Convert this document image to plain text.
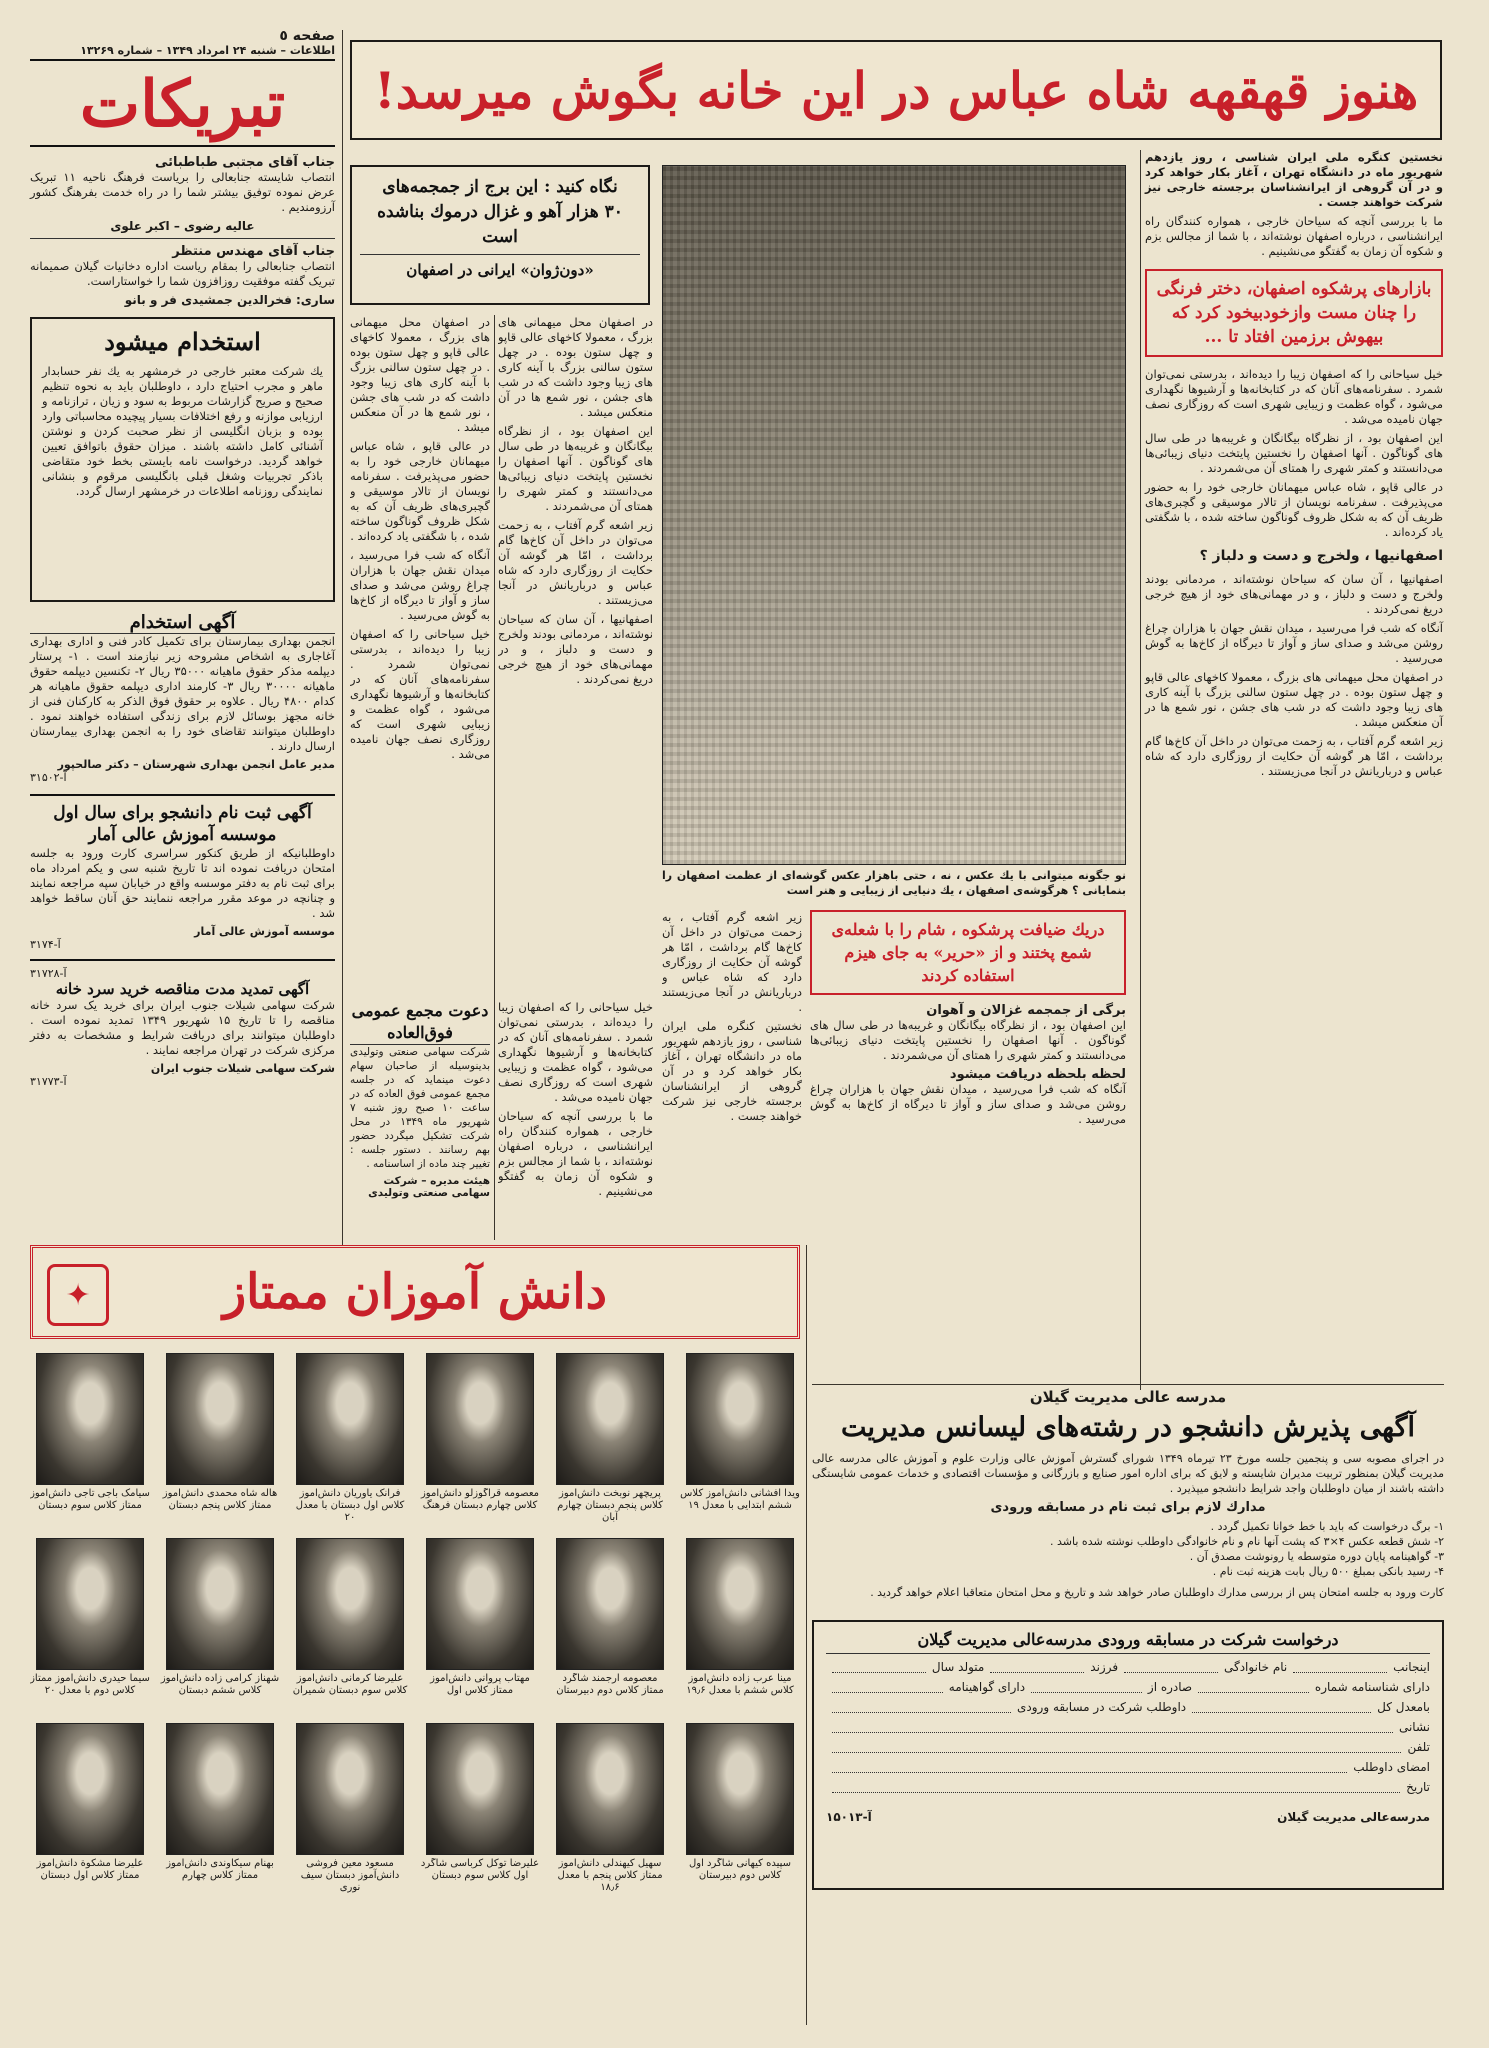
صفحه ٥
اطلاعات – شنبه ۲۴ امرداد ۱۳۴۹ – شماره ۱۳۲۶۹
تبریکات
جناب آقای مجتبی طباطبائی

انتصاب شایسته جنابعالی را بریاست فرهنگ ناحیه ۱۱ تبریک عرض نموده توفیق بیشتر شما را در راه خدمت بفرهنگ کشور آرزومندیم .

عالیه رضوی – اکبر علوی
جناب آقای مهندس منتظر

انتصاب جنابعالی را بمقام ریاست اداره دخانیات گیلان صمیمانه تبریک گفته موفقیت روزافزون شما را خواستاراست.

ساری: فخرالدین جمشیدی فر و بانو
استخدام میشود

یك شرکت معتبر خارجی در خرمشهر به یك نفر حسابدار ماهر و مجرب احتیاج دارد ، داوطلبان باید به نحوه تنظیم صحیح و صریح گزارشات مربوط به سود و زیان ، ترازنامه و ارزیابی موازنه و رفع اختلافات بسیار پیچیده محاسباتی وارد بوده و بزبان انگلیسی از نظر صحبت کردن و نوشتن آشنائی کامل داشته باشند . میزان حقوق باتوافق تعیین خواهد گردید. درخواست نامه بایستی بخط خود متقاضی باذکر تجربیات وشغل قبلی بانگلیسی مرقوم و بنشانی نمایندگی روزنامه اطلاعات در خرمشهر ارسال گردد.

آگهی استخدام

انجمن بهداری بیمارستان برای تکمیل کادر فنی و اداری بهداری آغاجاری به اشخاص مشروحه زیر نیازمند است . ۱- پرستار دیپلمه مذکر حقوق ماهیانه ۳۵۰۰۰ ریال ۲- تکنسین دیپلمه حقوق ماهیانه ۳۰۰۰۰ ریال ۳- کارمند اداری دیپلمه حقوق ماهیانه هر کدام ۴۸۰۰ ریال . علاوه بر حقوق فوق الذکر به کارکنان فنی از خانه مجهز بوسائل لازم برای زندگی استفاده خواهند نمود . داوطلبان میتوانند تقاضای خود را به انجمن بهداری بیمارستان ارسال دارند .

مدیر عامل انجمن بهداری شهرستان – دکتر صالحپور
آ-۳۱۵۰۲
آگهی ثبت نام دانشجو برای سال اول موسسه آموزش عالی آمار

داوطلبانیکه از طریق کنکور سراسری کارت ورود به جلسه امتحان دریافت نموده اند تا تاریخ شنبه سی و یکم امرداد ماه برای ثبت نام به دفتر موسسه واقع در خیابان سپه مراجعه نمایند و چنانچه در موعد مقرر مراجعه ننمایند حق آنان ساقط خواهد شد .

موسسه آموزش عالی آمار
آ-۳۱۷۴
آ-۳۱۷۲۸
آگهی تمدید مدت مناقصه خرید سرد خانه

شرکت سهامی شیلات جنوب ایران برای خرید یک سرد خانه مناقصه را تا تاریخ ۱۵ شهریور ۱۳۴۹ تمدید نموده است . داوطلبان میتوانند برای دریافت شرایط و مشخصات به دفتر مرکزی شرکت در تهران مراجعه نمایند .

شرکت سهامی شیلات جنوب ایران
آ-۳۱۷۷۳
هنوز قهقهه شاه عباس در این خانه بگوش میرسد!

نخستین کنگره ملی ایران شناسی ، روز یازدهم شهریور ماه در دانشگاه تهران ، آغاز بکار خواهد کرد و در آن گروهی از ایرانشناسان برجسته خارجی نیز شرکت خواهند جست .

ما با بررسی آنچه که سیاحان خارجی ، همواره کنندگان راه ایرانشناسی ، درباره اصفهان نوشته‌اند ، با شما از مجالس بزم و شکوه آن زمان به گفتگو می‌نشینیم .

بازارهای پرشکوه اصفهان، دختر فرنگی را چنان مست وازخودبیخود کرد که بیهوش برزمین افتاد تا ...

خیل سیاحانی را که اصفهان زیبا را دیده‌اند ، بدرستی نمی‌توان شمرد . سفرنامه‌های آنان که در کتابخانه‌ها و آرشیوها نگهداری می‌شود ، گواه عظمت و زیبایی شهری است که روزگاری نصف جهان نامیده می‌شد .

این اصفهان بود ، از نظرگاه بیگانگان و غریبه‌ها در طی سال های گوناگون . آنها اصفهان را نخستین پایتخت دنیای زیبائی‌ها می‌دانستند و کمتر شهری را همتای آن می‌شمردند .

در عالی قاپو ، شاه عباس میهمانان خارجی خود را به حضور می‌پذیرفت . سفرنامه نویسان از تالار موسیقی و گچبری‌های ظریف آن که به شکل ظروف گوناگون ساخته شده ، با شگفتی یاد کرده‌اند .

اصفهانیها ، ولخرج و دست و دلباز ؟

اصفهانیها ، آن سان که سیاحان نوشته‌اند ، مردمانی بودند ولخرج و دست و دلباز ، و در مهمانی‌های خود از هیچ خرجی دریغ نمی‌کردند .

آنگاه که شب فرا می‌رسید ، میدان نقش جهان با هزاران چراغ روشن می‌شد و صدای ساز و آواز تا دیرگاه از کاخ‌ها به گوش می‌رسید .

در اصفهان محل میهمانی های بزرگ ، معمولا کاخهای عالی قاپو و چهل ستون بوده . در چهل ستون سالنی بزرگ با آینه کاری های زیبا وجود داشت که در شب های جشن ، نور شمع ها در آن منعکس میشد .

زیر اشعه گرم آفتاب ، به زحمت می‌توان در داخل آن کاخ‌ها گام برداشت ، امّا هر گوشه آن حکایت از روزگاری دارد که شاه عباس و درباریانش در آنجا می‌زیستند .

نو جگونه میتوانی با یك عکس ، نه ، حتی باهزار عکس گوشه‌ای از عظمت اصفهان را بنمایانی ؟ هرگوشه‌ی اصفهان ، یك دنیایی از زیبایی و هنر است
نگاه کنید : این برج از جمجمه‌های
۳۰ هزار آهو و غزال درموك بناشده است
«دون‌ژوان» ایرانی در اصفهان

در اصفهان محل میهمانی های بزرگ ، معمولا کاخهای عالی قاپو و چهل ستون بوده . در چهل ستون سالنی بزرگ با آینه کاری های زیبا وجود داشت که در شب های جشن ، نور شمع ها در آن منعکس میشد .

در عالی قاپو ، شاه عباس میهمانان خارجی خود را به حضور می‌پذیرفت . سفرنامه نویسان از تالار موسیقی و گچبری‌های ظریف آن که به شکل ظروف گوناگون ساخته شده ، با شگفتی یاد کرده‌اند .

آنگاه که شب فرا می‌رسید ، میدان نقش جهان با هزاران چراغ روشن می‌شد و صدای ساز و آواز تا دیرگاه از کاخ‌ها به گوش می‌رسید .

خیل سیاحانی را که اصفهان زیبا را دیده‌اند ، بدرستی نمی‌توان شمرد . سفرنامه‌های آنان که در کتابخانه‌ها و آرشیوها نگهداری می‌شود ، گواه عظمت و زیبایی شهری است که روزگاری نصف جهان نامیده می‌شد .

در اصفهان محل میهمانی های بزرگ ، معمولا کاخهای عالی قاپو و چهل ستون بوده . در چهل ستون سالنی بزرگ با آینه کاری های زیبا وجود داشت که در شب های جشن ، نور شمع ها در آن منعکس میشد .

این اصفهان بود ، از نظرگاه بیگانگان و غریبه‌ها در طی سال های گوناگون . آنها اصفهان را نخستین پایتخت دنیای زیبائی‌ها می‌دانستند و کمتر شهری را همتای آن می‌شمردند .

زیر اشعه گرم آفتاب ، به زحمت می‌توان در داخل آن کاخ‌ها گام برداشت ، امّا هر گوشه آن حکایت از روزگاری دارد که شاه عباس و درباریانش در آنجا می‌زیستند .

اصفهانیها ، آن سان که سیاحان نوشته‌اند ، مردمانی بودند ولخرج و دست و دلباز ، و در مهمانی‌های خود از هیچ خرجی دریغ نمی‌کردند .

دعوت مجمع عمومی فوق‌العاده

شرکت سهامی صنعتی وتولیدی بدینوسیله از صاحبان سهام دعوت مینماید که در جلسه مجمع عمومی فوق العاده که در ساعت ۱۰ صبح روز شنبه ۷ شهریور ماه ۱۳۴۹ در محل شرکت تشکیل میگردد حضور بهم رسانند . دستور جلسه : تغییر چند ماده از اساسنامه .

هیئت مدیره – شرکت سهامی صنعتی وتولیدی

خیل سیاحانی را که اصفهان زیبا را دیده‌اند ، بدرستی نمی‌توان شمرد . سفرنامه‌های آنان که در کتابخانه‌ها و آرشیوها نگهداری می‌شود ، گواه عظمت و زیبایی شهری است که روزگاری نصف جهان نامیده می‌شد .

ما با بررسی آنچه که سیاحان خارجی ، همواره کنندگان راه ایرانشناسی ، درباره اصفهان نوشته‌اند ، با شما از مجالس بزم و شکوه آن زمان به گفتگو می‌نشینیم .

زیر اشعه گرم آفتاب ، به زحمت می‌توان در داخل آن کاخ‌ها گام برداشت ، امّا هر گوشه آن حکایت از روزگاری دارد که شاه عباس و درباریانش در آنجا می‌زیستند .

نخستین کنگره ملی ایران شناسی ، روز یازدهم شهریور ماه در دانشگاه تهران ، آغاز بکار خواهد کرد و در آن گروهی از ایرانشناسان برجسته خارجی نیز شرکت خواهند جست .

دریك ضیافت پرشکوه ، شام را با شعله‌ی شمع پختند و از «حریر» به جای هیزم استفاده کردند
برگی از جمجمه غزالان و آهوان

این اصفهان بود ، از نظرگاه بیگانگان و غریبه‌ها در طی سال های گوناگون . آنها اصفهان را نخستین پایتخت دنیای زیبائی‌ها می‌دانستند و کمتر شهری را همتای آن می‌شمردند .

لحظه بلحظه دریافت میشود

آنگاه که شب فرا می‌رسید ، میدان نقش جهان با هزاران چراغ روشن می‌شد و صدای ساز و آواز تا دیرگاه از کاخ‌ها به گوش می‌رسید .

✦	دانش آموزان ممتاز
ویدا افشانی دانش‌آموز کلاس ششم ابتدایی با معدل ۱۹
پریچهر نوبخت دانش‌آموز کلاس پنجم دبستان چهارم آبان
معصومه قراگوزلو دانش‌آموز کلاس چهارم دبستان فرهنگ
فرانک یاوریان دانش‌آموز کلاس اول دبستان با معدل ۲۰
هاله شاه محمدی دانش‌آموز ممتاز کلاس پنجم دبستان
سیامک باجی تاجی دانش‌آموز ممتاز کلاس سوم دبستان
مینا عرب زاده دانش‌آموز کلاس ششم با معدل ۱۹٫۶
معصومه ارجمند شاگرد ممتاز کلاس دوم دبیرستان
مهتاب پروانی دانش‌آموز ممتاز کلاس اول
علیرضا کرمانی دانش‌آموز کلاس سوم دبستان شمیران
شهناز کرامی زاده دانش‌آموز کلاس ششم دبستان
سیما حیدری دانش‌آموز ممتاز کلاس دوم با معدل ۲۰
سپیده کیهانی شاگرد اول کلاس دوم دبیرستان
سهیل کیهندلی دانش‌آموز ممتاز کلاس پنجم با معدل ۱۸٫۶
علیرضا توکل کرباسی شاگرد اول کلاس سوم دبستان
مسعود معین فروشی دانش‌آموز دبستان سیف نوری
بهنام سیکاوندی دانش‌آموز ممتاز کلاس چهارم
علیرضا مشکوة دانش‌آموز ممتاز کلاس اول دبستان
مدرسه عالی مدیریت گیلان
آگهی پذیرش دانشجو در رشته‌های لیسانس مدیریت

در اجرای مصوبه سی و پنجمین جلسه مورخ ۲۳ تیرماه ۱۳۴۹ شورای گسترش آموزش عالی وزارت علوم و آموزش عالی مدرسه عالی مدیریت گیلان بمنظور تربیت مدیران شایسته و لایق که برای اداره امور صنایع و بازرگانی و مؤسسات اقتصادی و خدمات عمومی شایستگی داشته باشند از میان داوطلبان واجد شرایط دانشجو میپذیرد .

مدارك لازم برای ثبت نام در مسابقه ورودی
۱- برگ درخواست که باید با خط خوانا تکمیل گردد .
۲- شش قطعه عکس ۴×۳ که پشت آنها نام و نام خانوادگی داوطلب نوشته شده باشد .
۳- گواهینامه پایان دوره متوسطه یا رونوشت مصدق آن .
۴- رسید بانکی بمبلغ ۵۰۰ ریال بابت هزینه ثبت نام .

کارت ورود به جلسه امتحان پس از بررسی مدارك داوطلبان صادر خواهد شد و تاریخ و محل امتحان متعاقبا اعلام خواهد گردید .

درخواست شرکت در مسابقه ورودی مدرسه‌عالی مدیریت گیلان
اینجانب
نام خانوادگی
فرزند
متولد سال
دارای شناسنامه شماره
صادره از
دارای گواهینامه
بامعدل کل
داوطلب شرکت در مسابقه ورودی
نشانی
تلفن
امضای داوطلب
تاریخ
مدرسه‌عالی مدیریت گیلان
آ-۱۵۰۱۳
